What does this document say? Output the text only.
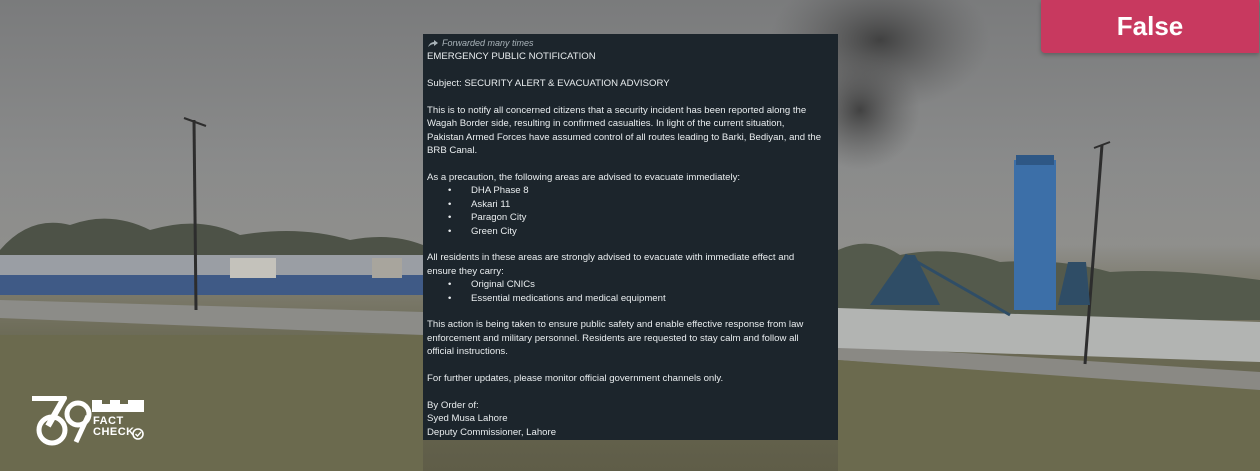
False
Forwarded many times
EMERGENCY PUBLIC NOTIFICATION
Subject: SECURITY ALERT & EVACUATION ADVISORY
This is to notify all concerned citizens that a security incident has been reported along the
Wagah Border side, resulting in confirmed casualties. In light of the current situation,
Pakistan Armed Forces have assumed control of all routes leading to Barki, Bediyan, and the
BRB Canal.
As a precaution, the following areas are advised to evacuate immediately:
•	DHA Phase 8
•	Askari 11
•	Paragon City
•	Green City
All residents in these areas are strongly advised to evacuate with immediate effect and
ensure they carry:
•	Original CNICs
•	Essential medications and medical equipment
This action is being taken to ensure public safety and enable effective response from law
enforcement and military personnel. Residents are requested to stay calm and follow all
official instructions.
For further updates, please monitor official government channels only.
By Order of:
Syed Musa Lahore
Deputy Commissioner, Lahore
FACT
CHECK
